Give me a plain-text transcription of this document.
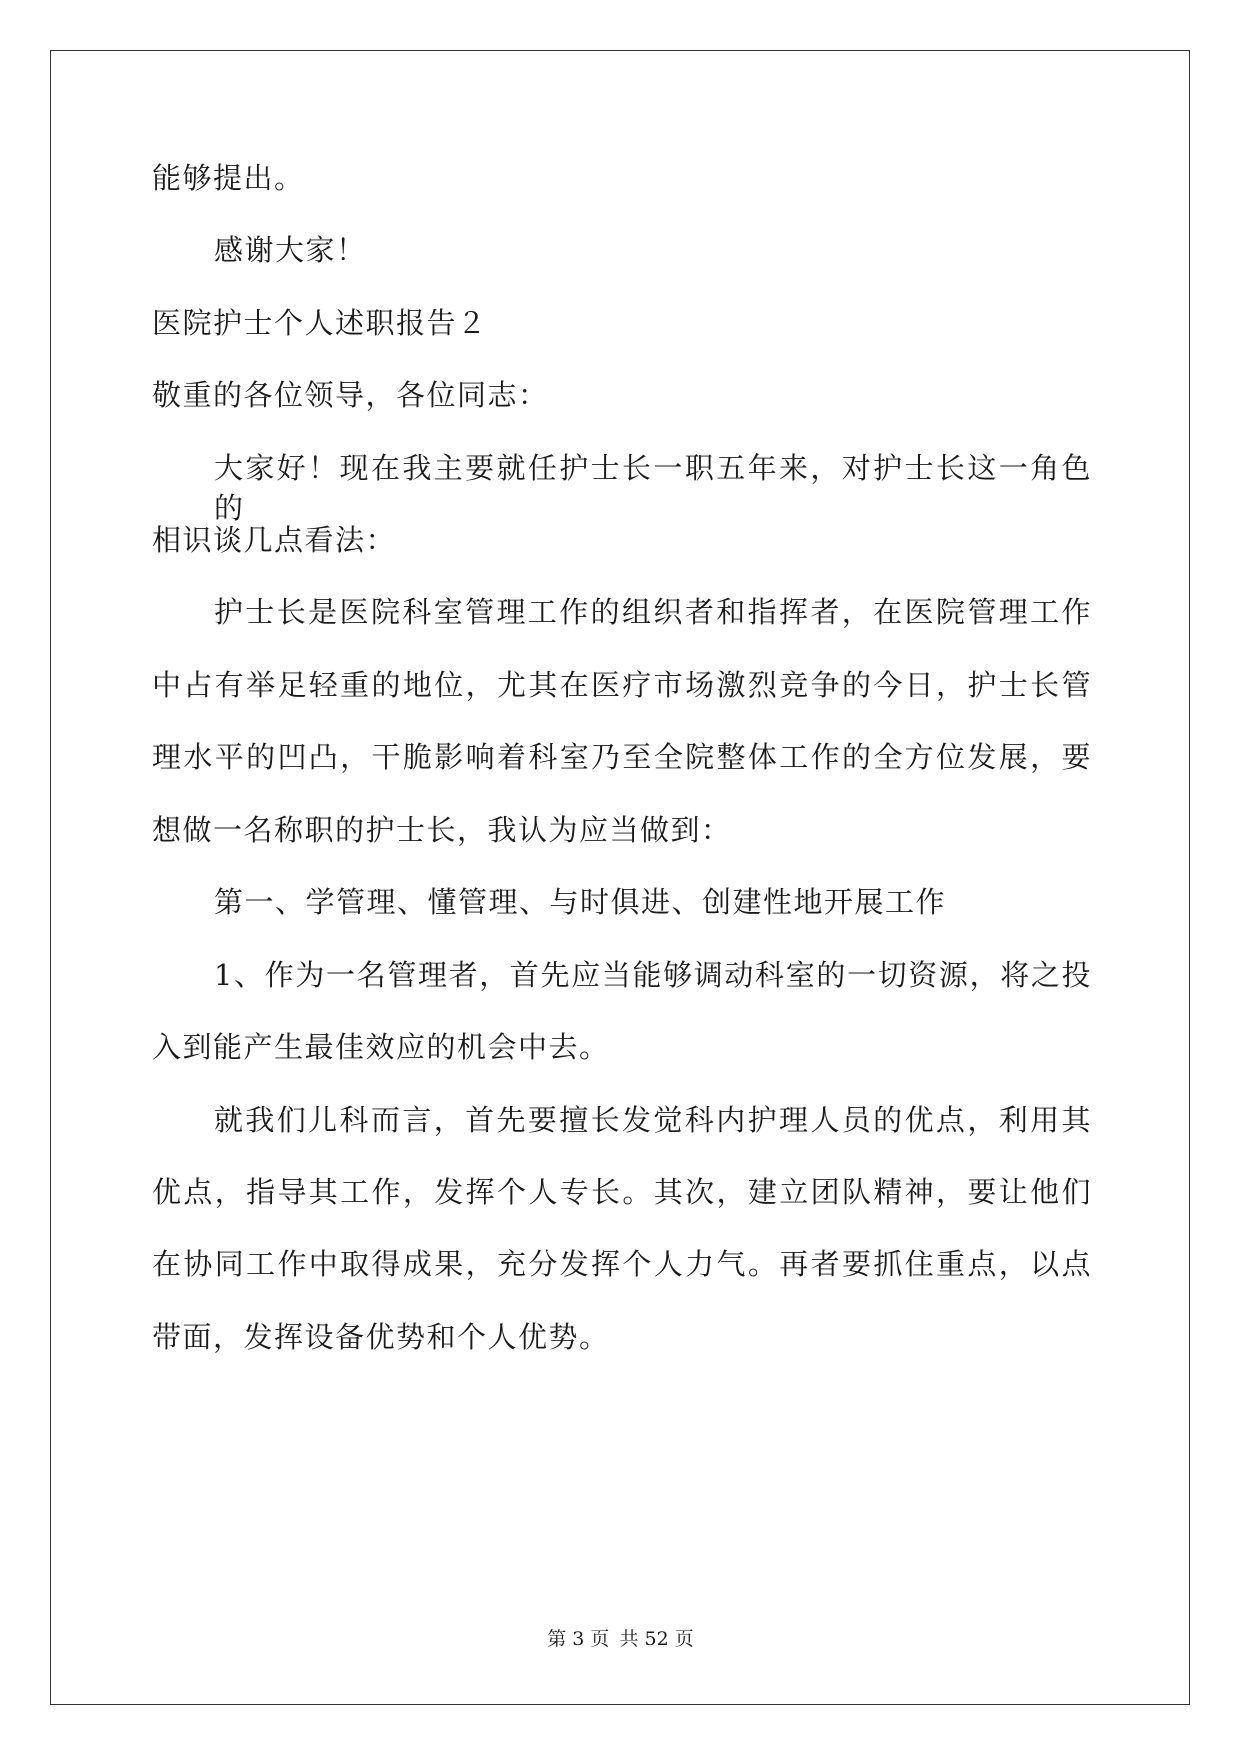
能够提出。
感谢大家！
医院护士个人述职报告２
敬重的各位领导，各位同志：
大家好！现在我主要就任护士长一职五年来，对护士长这一角色的
相识谈几点看法：
护士长是医院科室管理工作的组织者和指挥者，在医院管理工作
中占有举足轻重的地位，尤其在医疗市场激烈竞争的今日，护士长管
理水平的凹凸，干脆影响着科室乃至全院整体工作的全方位发展，要
想做一名称职的护士长，我认为应当做到：
第一、学管理、懂管理、与时俱进、创建性地开展工作
1、作为一名管理者，首先应当能够调动科室的一切资源，将之投
入到能产生最佳效应的机会中去。
就我们儿科而言，首先要擅长发觉科内护理人员的优点，利用其
优点，指导其工作，发挥个人专长。其次，建立团队精神，要让他们
在协同工作中取得成果，充分发挥个人力气。再者要抓住重点，以点
带面，发挥设备优势和个人优势。
第 3 页 共 52 页
